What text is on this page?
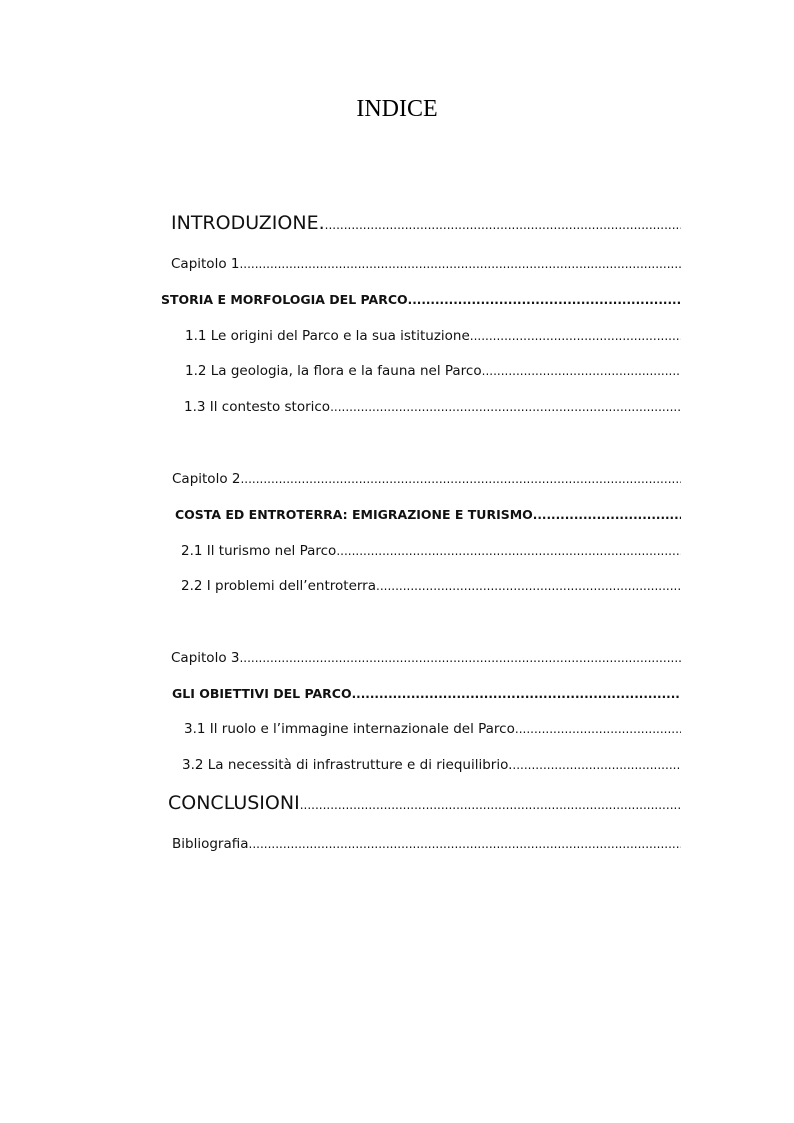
INDICE
INTRODUZIONE.
.....
Capitolo 1
.....
STORIA E MORFOLOGIA DEL PARCO
.....
1.1 Le origini del Parco e la sua istituzione
.....
1.2 La geologia, la flora e la fauna nel Parco
.....
1.3 Il contesto storico
.....
Capitolo 2
.....
COSTA ED ENTROTERRA: EMIGRAZIONE E TURISMO
.....
2.1 Il turismo nel Parco
.....
2.2 I problemi dell’entroterra
.....
Capitolo 3
.....
GLI OBIETTIVI DEL PARCO
.....
3.1 Il ruolo e l’immagine internazionale del Parco
.....
3.2 La necessità di infrastrutture e di riequilibrio.
.....
CONCLUSIONI
.....
Bibliografia
.....
